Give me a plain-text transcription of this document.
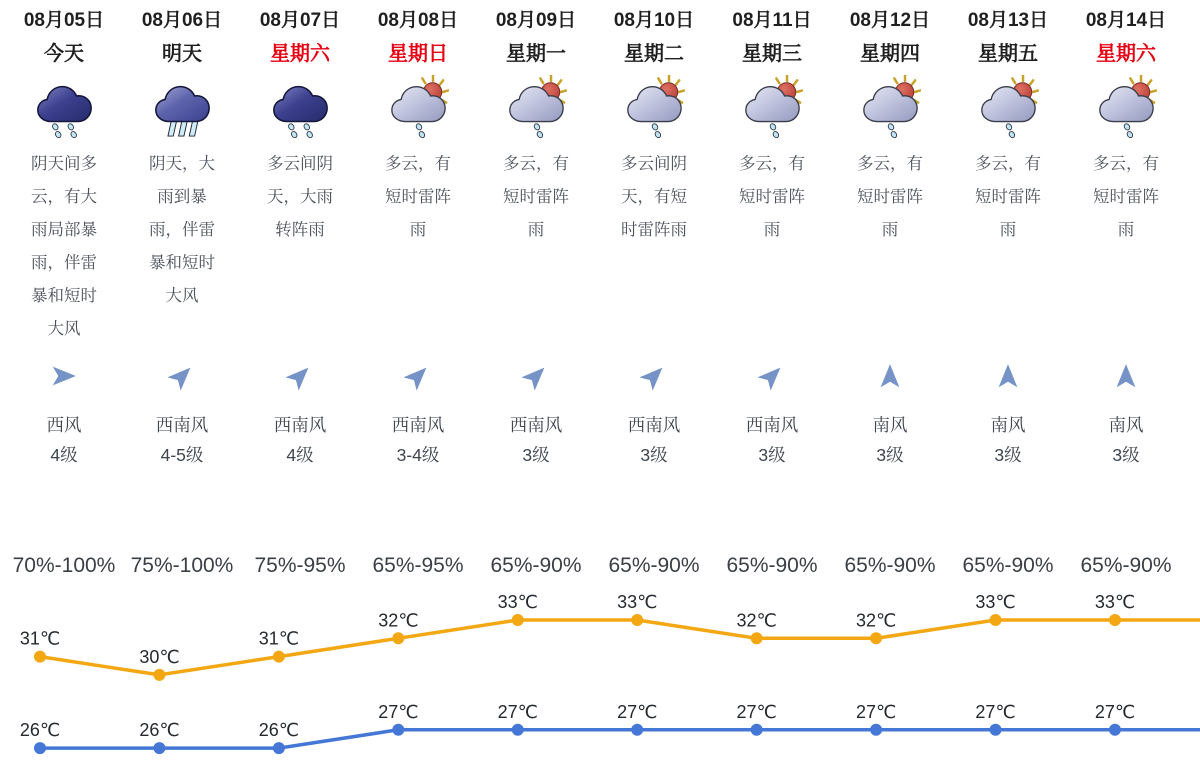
08月05日
今天
阴天间多云，有大雨局部暴雨，伴雷暴和短时大风
西风
4级
70%-100%
08月06日
明天
阴天，大雨到暴雨，伴雷暴和短时大风
西南风
4-5级
75%-100%
08月07日
星期六
多云间阴天，大雨转阵雨
西南风
4级
75%-95%
08月08日
星期日
多云，有短时雷阵雨
西南风
3-4级
65%-95%
08月09日
星期一
多云，有短时雷阵雨
西南风
3级
65%-90%
08月10日
星期二
多云间阴天，有短时雷阵雨
西南风
3级
65%-90%
08月11日
星期三
多云，有短时雷阵雨
西南风
3级
65%-90%
08月12日
星期四
多云，有短时雷阵雨
南风
3级
65%-90%
08月13日
星期五
多云，有短时雷阵雨
南风
3级
65%-90%
08月14日
星期六
多云，有短时雷阵雨
南风
3级
65%-90%
31℃
30℃
31℃
32℃
33℃	33℃
32℃	32℃
33℃	33℃
26℃	26℃	26℃
27℃	27℃	27℃	27℃	27℃	27℃	27℃
